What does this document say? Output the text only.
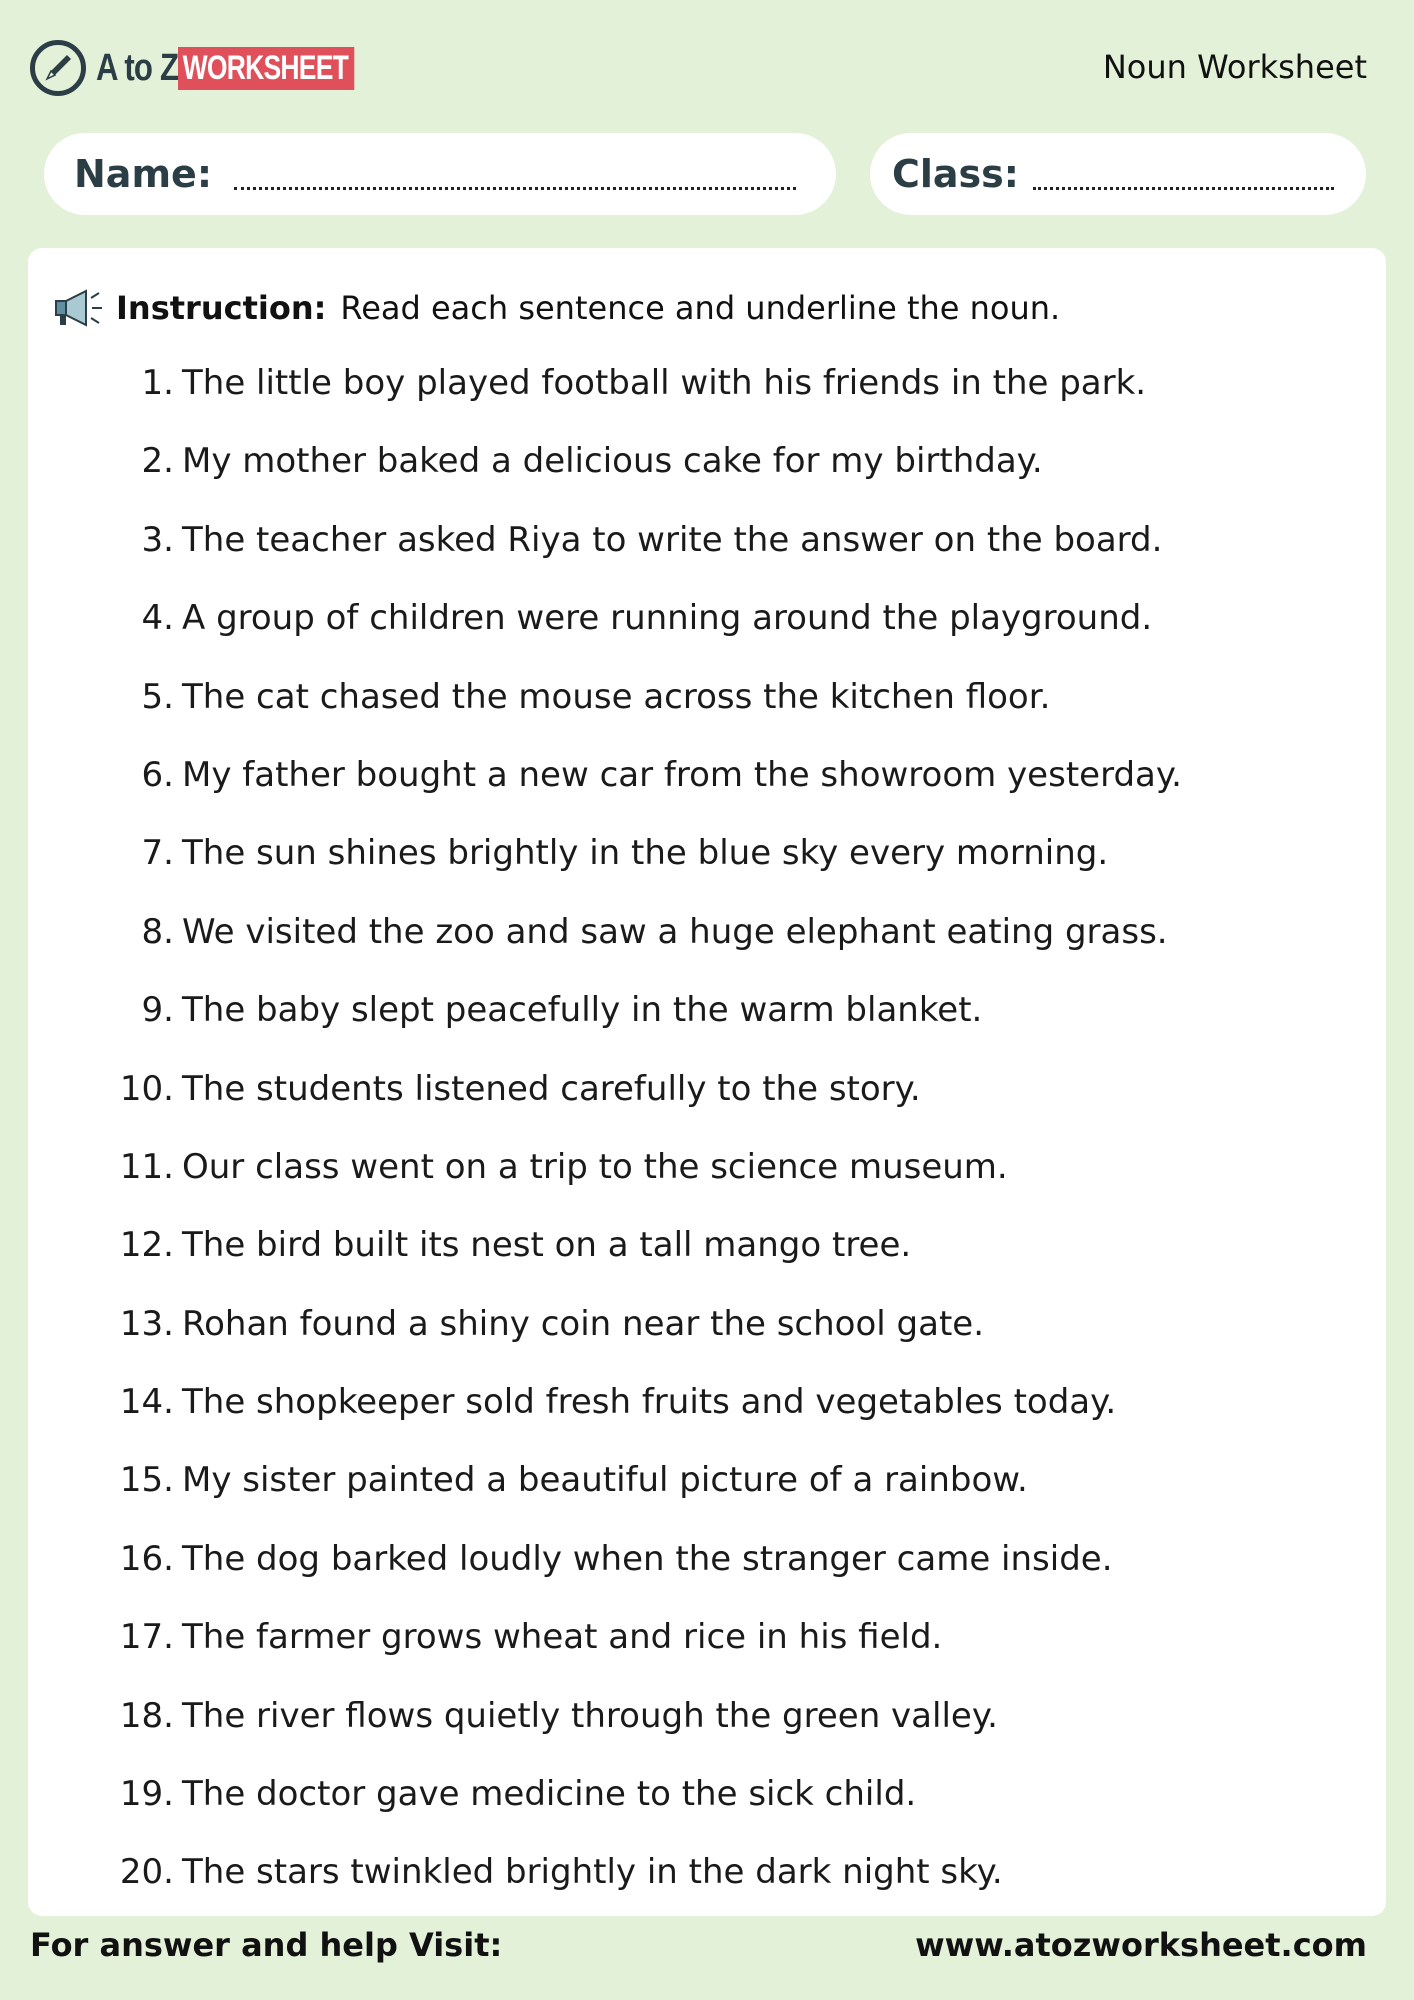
A to Z WORKSHEET	Noun Worksheet
Name:	Class:
Instruction: Read each sentence and underline the noun.
1. The little boy played football with his friends in the park.
2. My mother baked a delicious cake for my birthday.
3. The teacher asked Riya to write the answer on the board.
4. A group of children were running around the playground.
5. The cat chased the mouse across the kitchen floor.
6. My father bought a new car from the showroom yesterday.
7. The sun shines brightly in the blue sky every morning.
8. We visited the zoo and saw a huge elephant eating grass.
9. The baby slept peacefully in the warm blanket.
10. The students listened carefully to the story.
11. Our class went on a trip to the science museum.
12. The bird built its nest on a tall mango tree.
13. Rohan found a shiny coin near the school gate.
14. The shopkeeper sold fresh fruits and vegetables today.
15. My sister painted a beautiful picture of a rainbow.
16. The dog barked loudly when the stranger came inside.
17. The farmer grows wheat and rice in his field.
18. The river flows quietly through the green valley.
19. The doctor gave medicine to the sick child.
20. The stars twinkled brightly in the dark night sky.
For answer and help Visit:	www.atozworksheet.com
